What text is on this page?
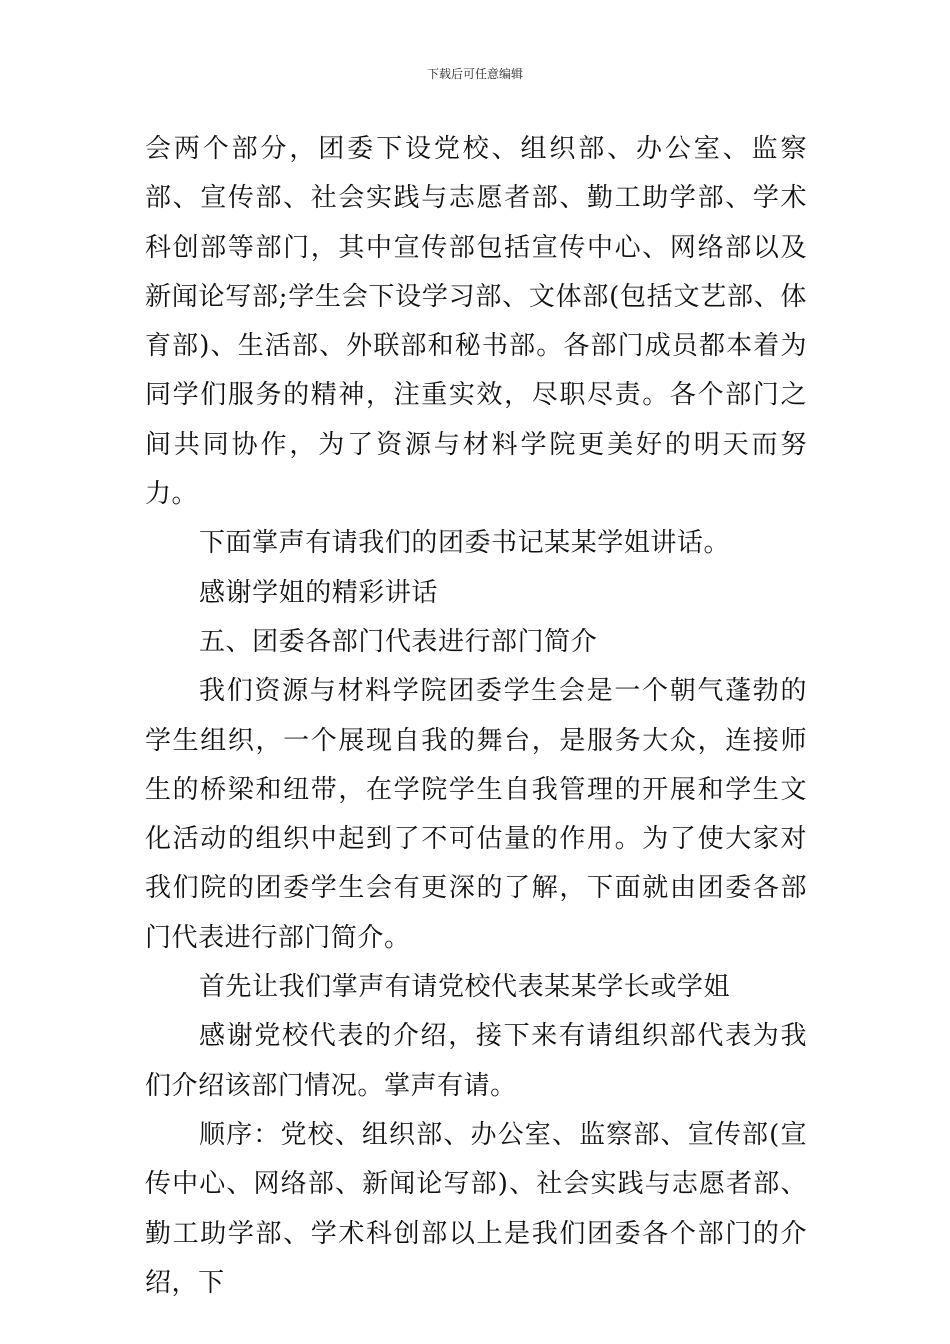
下载后可任意编辑

会两个部分，团委下设党校、组织部、办公室、监察部、宣传部、社会实践与志愿者部、勤工助学部、学术科创部等部门，其中宣传部包括宣传中心、网络部以及新闻论写部;学生会下设学习部、文体部(包括文艺部、体育部)、生活部、外联部和秘书部。各部门成员都本着为同学们服务的精神，注重实效，尽职尽责。各个部门之间共同协作，为了资源与材料学院更美好的明天而努力。

下面掌声有请我们的团委书记某某学姐讲话。

感谢学姐的精彩讲话

五、团委各部门代表进行部门简介

我们资源与材料学院团委学生会是一个朝气蓬勃的学生组织，一个展现自我的舞台，是服务大众，连接师生的桥梁和纽带，在学院学生自我管理的开展和学生文化活动的组织中起到了不可估量的作用。为了使大家对我们院的团委学生会有更深的了解，下面就由团委各部门代表进行部门简介。

首先让我们掌声有请党校代表某某学长或学姐

感谢党校代表的介绍，接下来有请组织部代表为我们介绍该部门情况。掌声有请。

顺序：党校、组织部、办公室、监察部、宣传部(宣传中心、网络部、新闻论写部)、社会实践与志愿者部、勤工助学部、学术科创部以上是我们团委各个部门的介绍，下
